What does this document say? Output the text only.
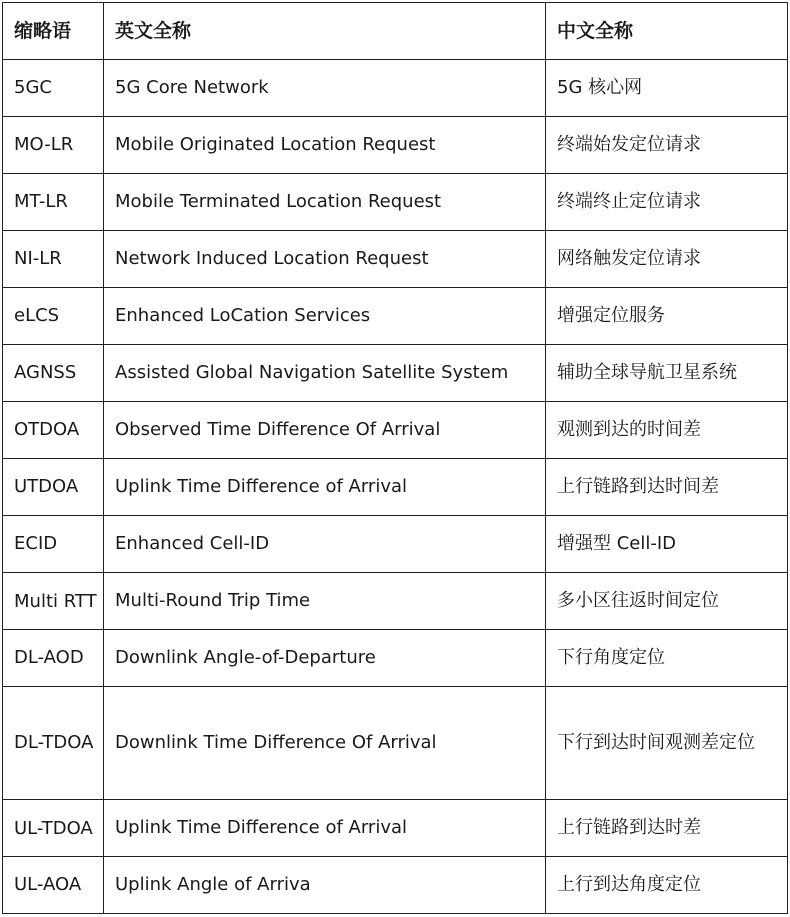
缩略语	英文全称	中文全称
5GC	5G Core Network	5G 核心网
MO-LR	Mobile Originated Location Request	终端始发定位请求
MT-LR	Mobile Terminated Location Request	终端终止定位请求
NI-LR	Network Induced Location Request	网络触发定位请求
eLCS	Enhanced LoCation Services	增强定位服务
AGNSS	Assisted Global Navigation Satellite System	辅助全球导航卫星系统
OTDOA	Observed Time Difference Of Arrival	观测到达的时间差
UTDOA	Uplink Time Difference of Arrival	上行链路到达时间差
ECID	Enhanced Cell-ID	增强型 Cell-ID
Multi RTT	Multi-Round Trip Time	多小区往返时间定位
DL-AOD	Downlink Angle-of-Departure	下行角度定位
DL-TDOA	Downlink Time Difference Of Arrival	下行到达时间观测差定位
UL-TDOA	Uplink Time Difference of Arrival	上行链路到达时差
UL-AOA	Uplink Angle of Arriva	上行到达角度定位
